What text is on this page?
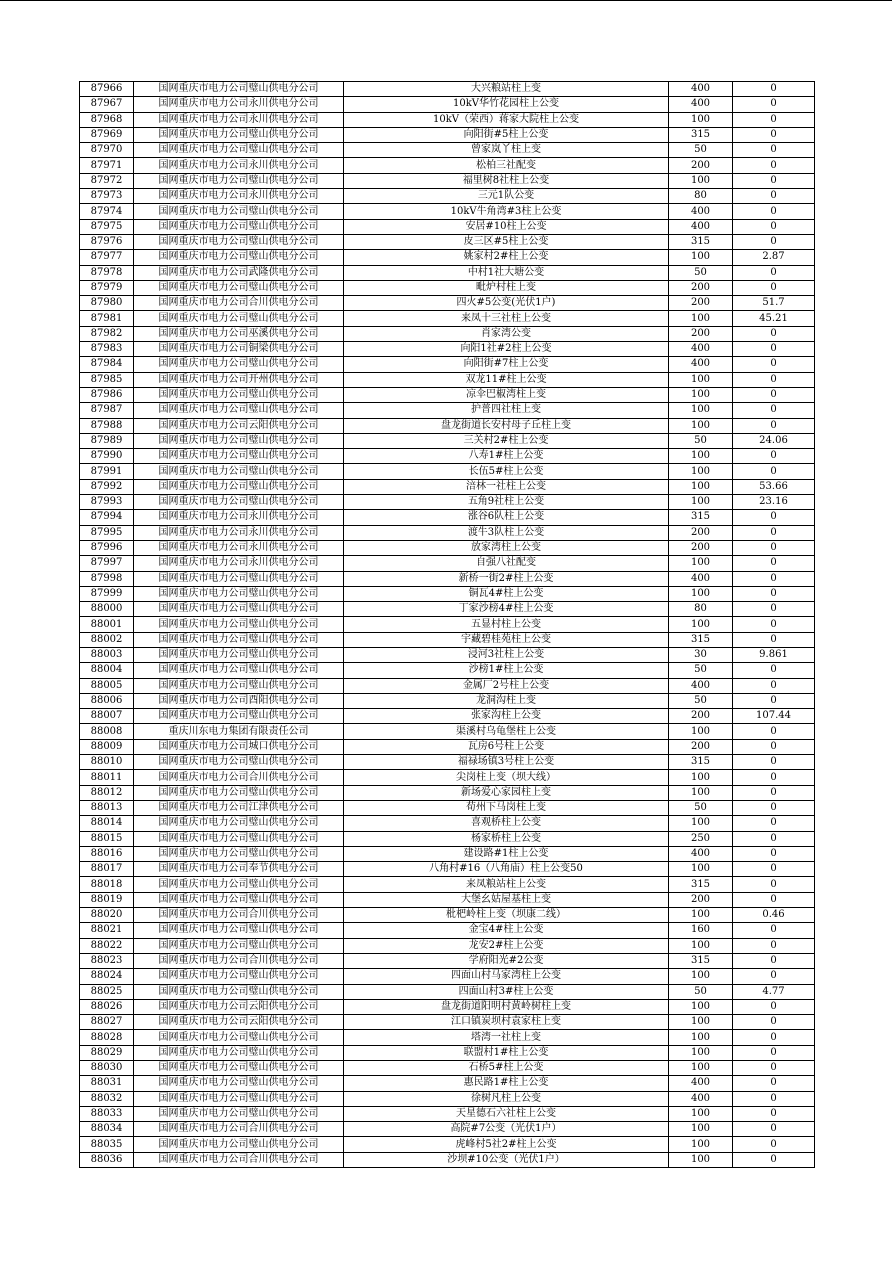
87966	国网重庆市电力公司璧山供电分公司	大兴粮站柱上变	400	0
87967	国网重庆市电力公司永川供电分公司	10kV华竹花园柱上公变	400	0
87968	国网重庆市电力公司永川供电分公司	10kV（荣西）蒋家大院柱上公变	100	0
87969	国网重庆市电力公司璧山供电分公司	向阳街#5柱上公变	315	0
87970	国网重庆市电力公司璧山供电分公司	曾家岚丫柱上变	50	0
87971	国网重庆市电力公司永川供电分公司	松柏三社配变	200	0
87972	国网重庆市电力公司璧山供电分公司	福里树8社柱上公变	100	0
87973	国网重庆市电力公司永川供电分公司	三元1队公变	80	0
87974	国网重庆市电力公司璧山供电分公司	10kV牛角湾#3柱上公变	400	0
87975	国网重庆市电力公司璧山供电分公司	安居#10柱上公变	400	0
87976	国网重庆市电力公司璧山供电分公司	皮三区#5柱上公变	315	0
87977	国网重庆市电力公司璧山供电分公司	姚家村2#柱上公变	100	2.87
87978	国网重庆市电力公司武隆供电分公司	中村1社大塘公变	50	0
87979	国网重庆市电力公司璧山供电分公司	毗炉村柱上变	200	0
87980	国网重庆市电力公司合川供电分公司	四火#5公变(光伏1户)	200	51.7
87981	国网重庆市电力公司璧山供电分公司	来凤十三社柱上公变	100	45.21
87982	国网重庆市电力公司巫溪供电分公司	肖家湾公变	200	0
87983	国网重庆市电力公司铜梁供电分公司	向阳1社#2柱上公变	400	0
87984	国网重庆市电力公司璧山供电分公司	向阳街#7柱上公变	400	0
87985	国网重庆市电力公司开州供电分公司	双龙11#柱上公变	100	0
87986	国网重庆市电力公司璧山供电分公司	凉伞巴椒湾柱上变	100	0
87987	国网重庆市电力公司璧山供电分公司	护普四社柱上变	100	0
87988	国网重庆市电力公司云阳供电分公司	盘龙街道长安村母子丘柱上变	100	0
87989	国网重庆市电力公司璧山供电分公司	三关村2#柱上公变	50	24.06
87990	国网重庆市电力公司璧山供电分公司	八寿1#柱上公变	100	0
87991	国网重庆市电力公司璧山供电分公司	长伍5#柱上公变	100	0
87992	国网重庆市电力公司璧山供电分公司	涪林一社柱上公变	100	53.66
87993	国网重庆市电力公司璧山供电分公司	五角9社柱上公变	100	23.16
87994	国网重庆市电力公司永川供电分公司	涨谷6队柱上公变	315	0
87995	国网重庆市电力公司永川供电分公司	渡牛3队柱上公变	200	0
87996	国网重庆市电力公司永川供电分公司	放家湾柱上公变	200	0
87997	国网重庆市电力公司永川供电分公司	自强八社配变	100	0
87998	国网重庆市电力公司璧山供电分公司	新桥一街2#柱上公变	400	0
87999	国网重庆市电力公司璧山供电分公司	铜瓦4#柱上公变	100	0
88000	国网重庆市电力公司璧山供电分公司	丁家沙榜4#柱上公变	80	0
88001	国网重庆市电力公司璧山供电分公司	五显村柱上公变	100	0
88002	国网重庆市电力公司璧山供电分公司	宇藏碧桂苑柱上公变	315	0
88003	国网重庆市电力公司璧山供电分公司	浸河3社柱上公变	30	9.861
88004	国网重庆市电力公司璧山供电分公司	沙榜1#柱上公变	50	0
88005	国网重庆市电力公司璧山供电分公司	金属厂2号柱上公变	400	0
88006	国网重庆市电力公司酉阳供电分公司	龙洞沟柱上变	50	0
88007	国网重庆市电力公司璧山供电分公司	张家沟柱上公变	200	107.44
88008	重庆川东电力集团有限责任公司	渠溪村乌龟堡柱上公变	100	0
88009	国网重庆市电力公司城口供电分公司	瓦房6号柱上公变	200	0
88010	国网重庆市电力公司璧山供电分公司	福禄场镇3号柱上公变	315	0
88011	国网重庆市电力公司合川供电分公司	尖岗柱上变（坝大线）	100	0
88012	国网重庆市电力公司璧山供电分公司	新场爱心家园柱上变	100	0
88013	国网重庆市电力公司江津供电分公司	荀州下马岗柱上变	50	0
88014	国网重庆市电力公司璧山供电分公司	喜观桥柱上公变	100	0
88015	国网重庆市电力公司璧山供电分公司	杨家桥柱上公变	250	0
88016	国网重庆市电力公司璧山供电分公司	建设路#1柱上公变	400	0
88017	国网重庆市电力公司奉节供电分公司	八角村#16（八角庙）柱上公变50	100	0
88018	国网重庆市电力公司璧山供电分公司	来凤粮站柱上公变	315	0
88019	国网重庆市电力公司璧山供电分公司	大堡幺姑屋基柱上变	200	0
88020	国网重庆市电力公司合川供电分公司	枇杷岭柱上变（坝康二线）	100	0.46
88021	国网重庆市电力公司璧山供电分公司	金宝4#柱上公变	160	0
88022	国网重庆市电力公司璧山供电分公司	龙安2#柱上公变	100	0
88023	国网重庆市电力公司合川供电分公司	学府阳光#2公变	315	0
88024	国网重庆市电力公司璧山供电分公司	四面山村马家湾柱上公变	100	0
88025	国网重庆市电力公司璧山供电分公司	四面山村3#柱上公变	50	4.77
88026	国网重庆市电力公司云阳供电分公司	盘龙街道阳明村黄岭树柱上变	100	0
88027	国网重庆市电力公司云阳供电分公司	江口镇炭坝村袁家柱上变	100	0
88028	国网重庆市电力公司璧山供电分公司	塔湾一社柱上变	100	0
88029	国网重庆市电力公司璧山供电分公司	联盟村1#柱上公变	100	0
88030	国网重庆市电力公司璧山供电分公司	石桥5#柱上公变	100	0
88031	国网重庆市电力公司璧山供电分公司	惠民路1#柱上公变	400	0
88032	国网重庆市电力公司璧山供电分公司	徐树凡柱上公变	400	0
88033	国网重庆市电力公司璧山供电分公司	天星德石六社柱上公变	100	0
88034	国网重庆市电力公司合川供电分公司	高院#7公变（光伏1户）	100	0
88035	国网重庆市电力公司璧山供电分公司	虎峰村5社2#柱上公变	100	0
88036	国网重庆市电力公司合川供电分公司	沙坝#10公变（光伏1户）	100	0
